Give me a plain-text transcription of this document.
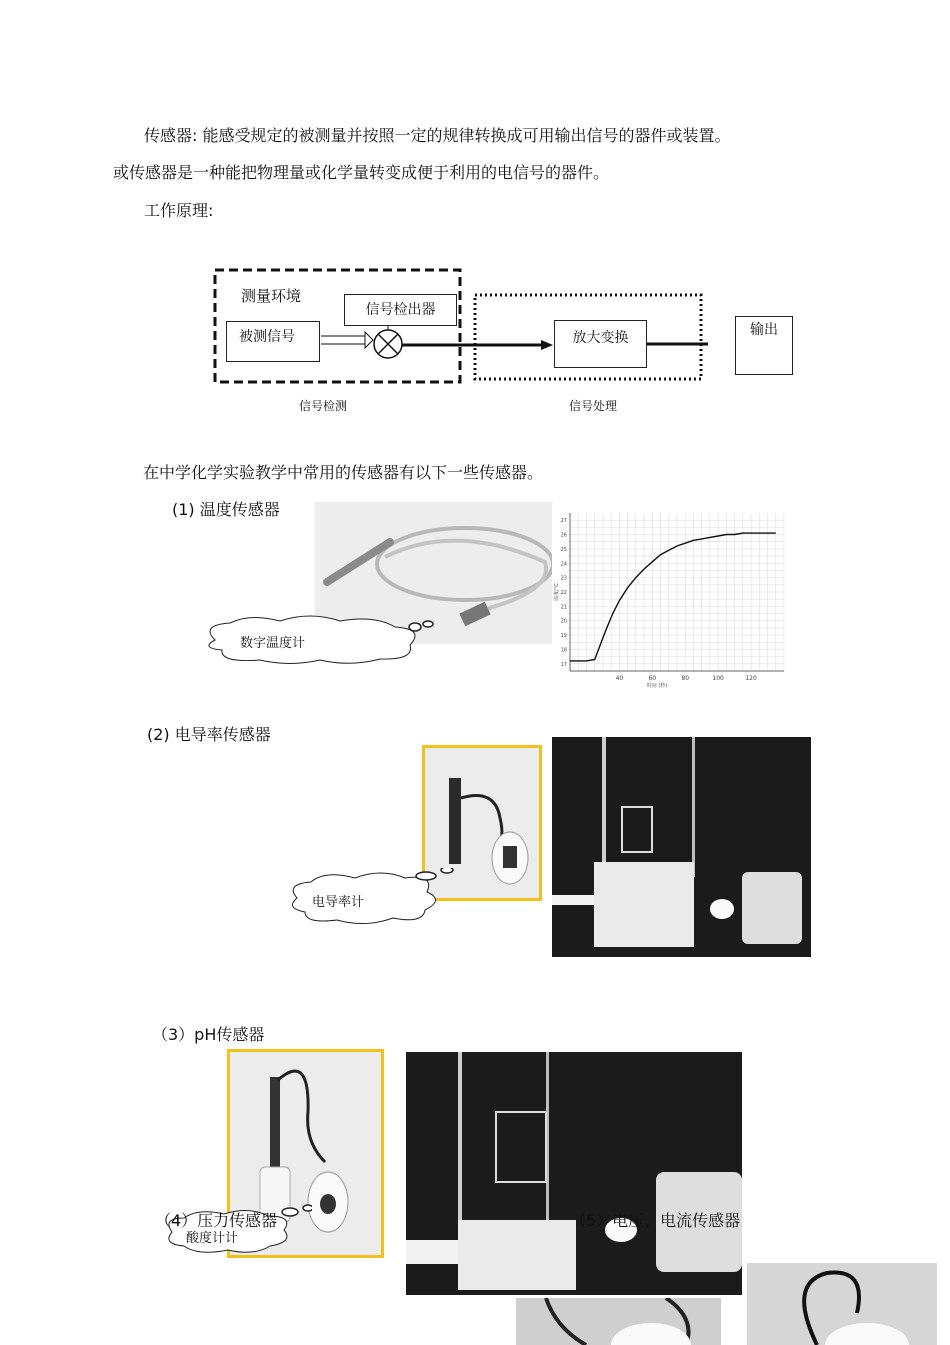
传感器: 能感受规定的被测量并按照一定的规律转换成可用输出信号的器件或装置。
或传感器是一种能把物理量或化学量转变成便于利用的电信号的器件。
工作原理:
测量环境
信号检出器
被测信号	放大变换
信号检测	信号处理
输出
在中学化学实验教学中常用的传感器有以下一些传感器。
(1) 温度传感器
数字温度计
17
18
19
20
21
22
23
24
25
26
27
40	60	80	100	120
温度/°C
时间 (秒)
(2) 电导率传感器
电导率计
（3）pH传感器
酸度计计
（4）压力传感器	（5）电压、电流传感器
